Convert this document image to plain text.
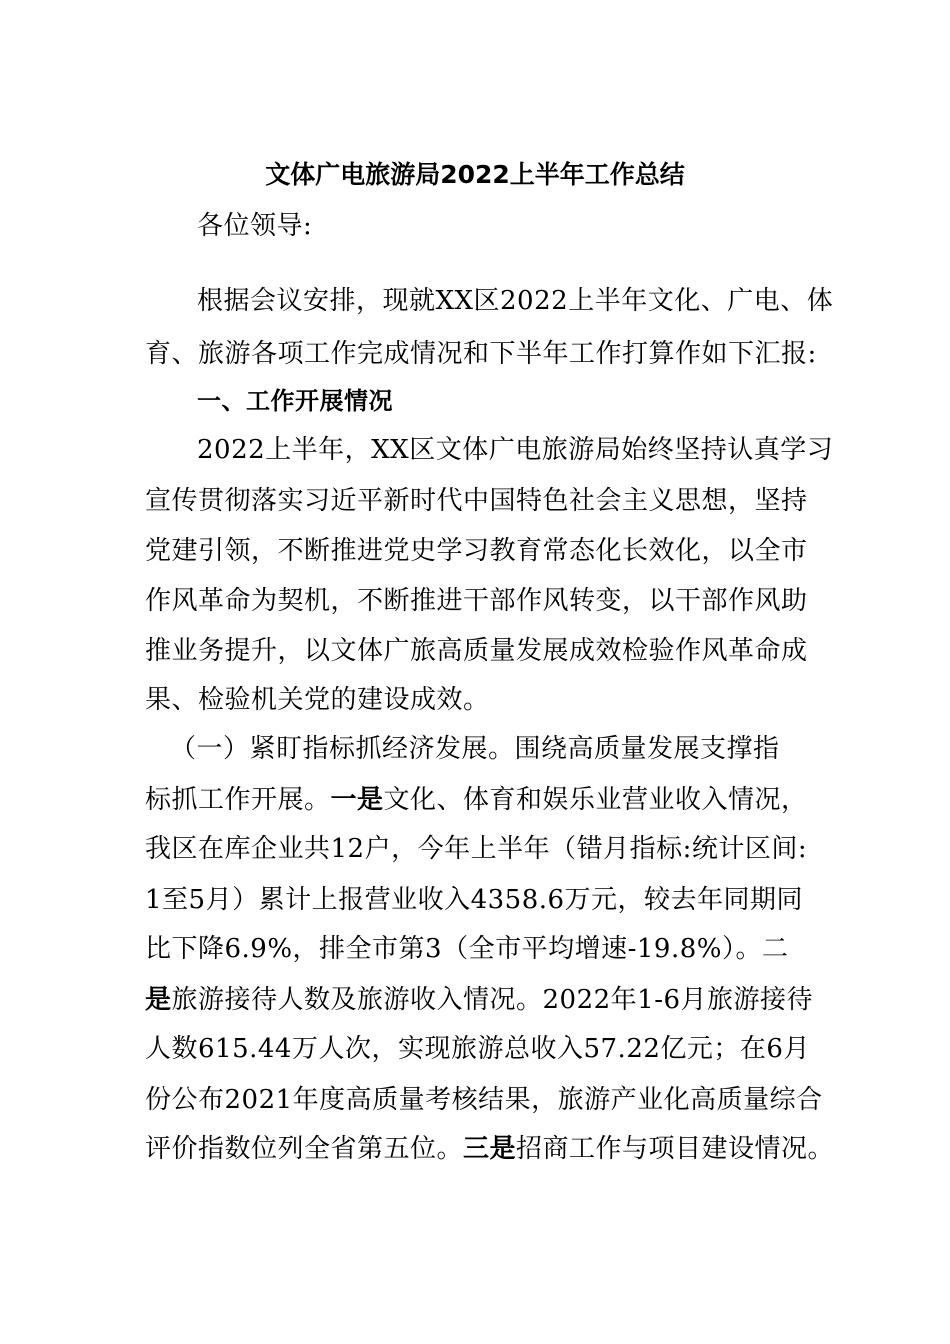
文体广电旅游局2022上半年工作总结
各位领导:
根据会议安排，现就XX区2022上半年文化、广电、体
育、旅游各项工作完成情况和下半年工作打算作如下汇报:
一、工作开展情况
2022上半年，XX区文体广电旅游局始终坚持认真学习
宣传贯彻落实习近平新时代中国特色社会主义思想，坚持
党建引领，不断推进党史学习教育常态化长效化，以全市
作风革命为契机，不断推进干部作风转变，以干部作风助
推业务提升，以文体广旅高质量发展成效检验作风革命成
果、检验机关党的建设成效。
（一）紧盯指标抓经济发展。围绕高质量发展支撑指
标抓工作开展。一是文化、体育和娱乐业营业收入情况，
我区在库企业共12户，今年上半年（错月指标:统计区间:
1至5月）累计上报营业收入4358.6万元，较去年同期同
比下降6.9%，排全市第3（全市平均增速-19.8%）。二
是旅游接待人数及旅游收入情况。2022年1-6月旅游接待
人数615.44万人次，实现旅游总收入57.22亿元；在6月
份公布2021年度高质量考核结果，旅游产业化高质量综合
评价指数位列全省第五位。三是招商工作与项目建设情况。
